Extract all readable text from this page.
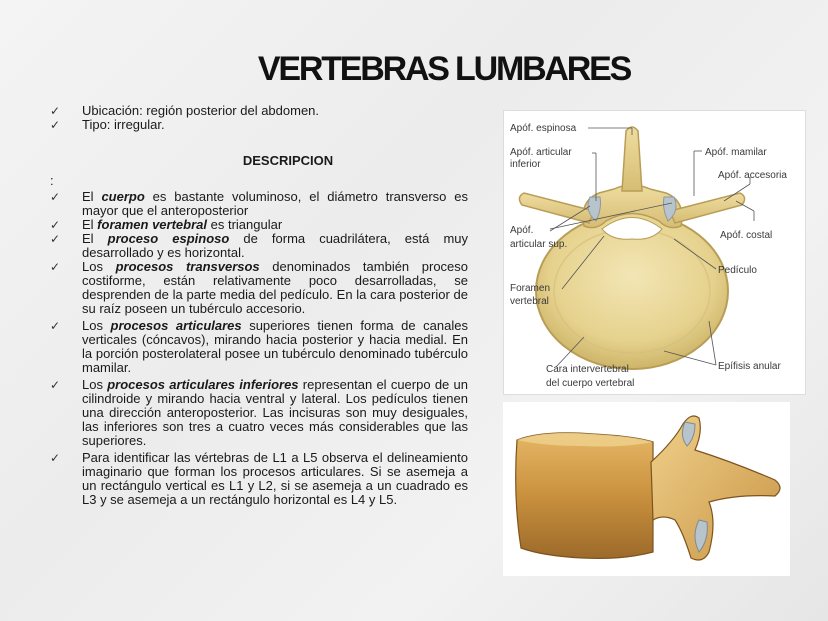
VERTEBRAS LUMBARES
✓ Ubicación: región posterior del abdomen.
✓ Tipo: irregular.
DESCRIPCION
:
✓ El cuerpo es bastante voluminoso, el diámetro transverso es mayor que el anteroposterior
✓ El foramen vertebral es triangular
✓ El proceso espinoso de forma cuadrilátera, está muy desarrollado y es horizontal.
✓ Los procesos transversos denominados también proceso costiforme, están relativamente poco desarrolladas, se desprenden de la parte media del pedículo. En la cara posterior de su raíz poseen un tubérculo accesorio.
✓ Los procesos articulares superiores tienen forma de canales verticales (cóncavos), mirando hacia posterior y hacia medial. En la porción posterolateral posee un tubérculo denominado tubérculo mamilar.
✓ Los procesos articulares inferiores representan el cuerpo de un cilindroide y mirando hacia ventral y lateral. Los pedículos tienen una dirección anteroposterior. Las incisuras son muy desiguales, las inferiores son tres a cuatro veces más considerables que las superiores.
✓ Para identificar las vértebras de L1 a L5 observa el delineamiento imaginario que forman los procesos articulares. Si se asemeja a un rectángulo vertical es L1 y L2, si se asemeja a un cuadrado es L3 y se asemeja a un rectángulo horizontal es L4 y L5.
Apóf. espinosa
Apóf. articular
inferior
Apóf. mamilar
Apóf. accesoria
Apóf.
articular sup.
Apóf. costal
Pedículo
Foramen
vertebral
Cara intervertebral
del cuerpo vertebral
Epífisis anular
